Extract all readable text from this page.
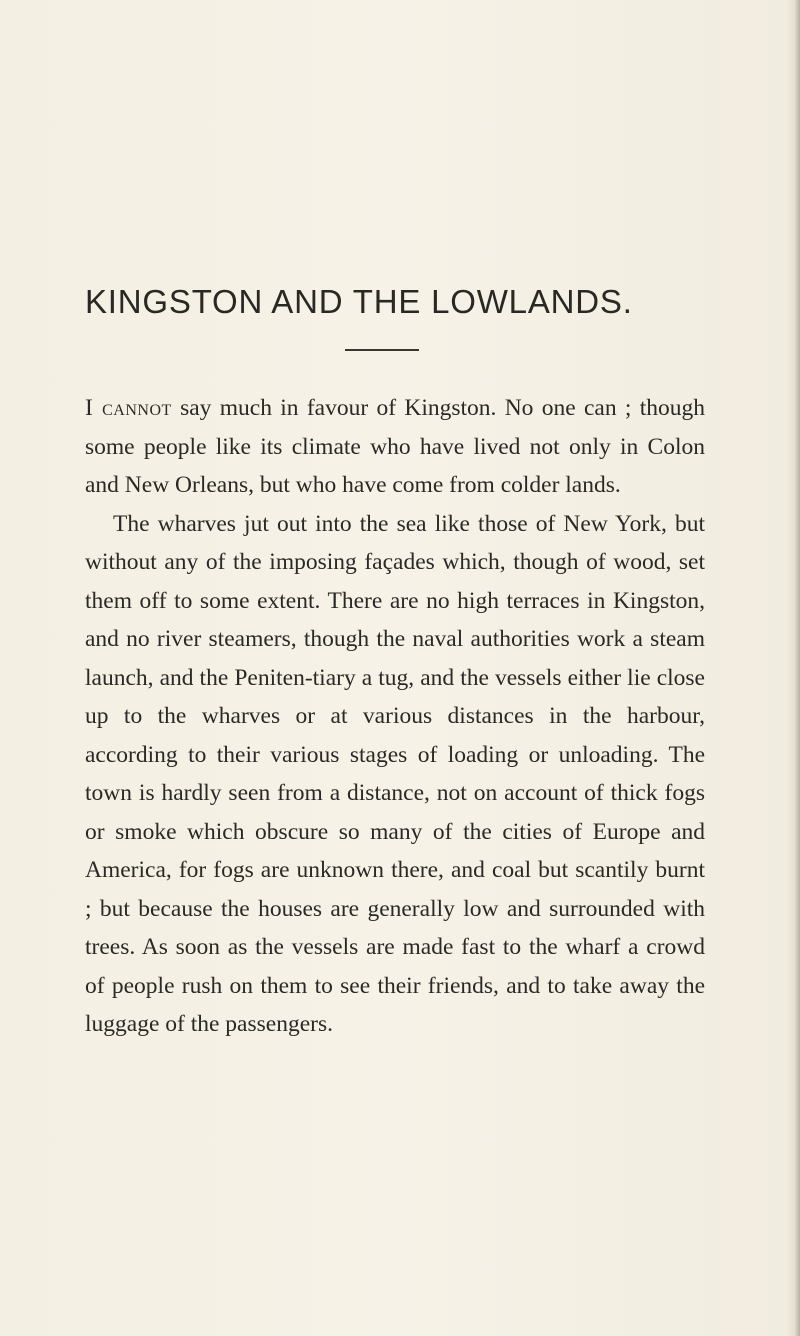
KINGSTON AND THE LOWLANDS.

I cannot say much in favour of Kingston. No one can ; though some people like its climate who have lived not only in Colon and New Orleans, but who have come from colder lands.

The wharves jut out into the sea like those of New York, but without any of the imposing façades which, though of wood, set them off to some extent. There are no high terraces in Kingston, and no river steamers, though the naval authorities work a steam launch, and the Peniten-tiary a tug, and the vessels either lie close up to the wharves or at various distances in the harbour, according to their various stages of loading or unloading. The town is hardly seen from a distance, not on account of thick fogs or smoke which obscure so many of the cities of Europe and America, for fogs are unknown there, and coal but scantily burnt ; but because the houses are generally low and surrounded with trees. As soon as the vessels are made fast to the wharf a crowd of people rush on them to see their friends, and to take away the luggage of the passengers.
